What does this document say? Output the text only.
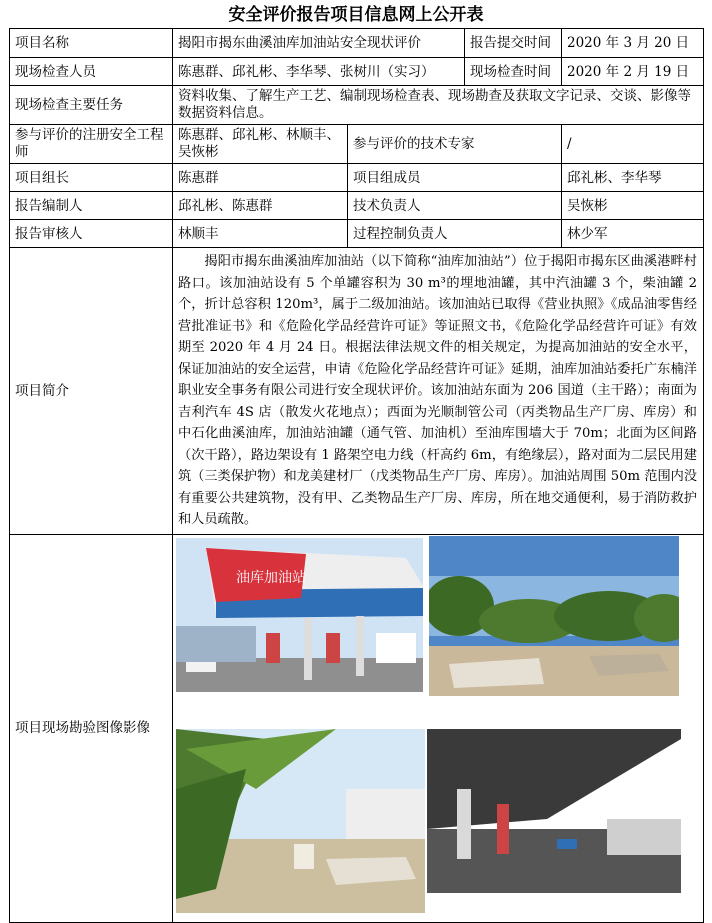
安全评价报告项目信息网上公开表
项目名称	揭阳市揭东曲溪油库加油站安全现状评价		报告提交时间	2020 年 3 月 20 日
现场检查人员	陈惠群、邱礼彬、李华琴、张树川（实习）		现场检查时间	2020 年 2 月 19 日
现场检查主要任务	资料收集、了解生产工艺、编制现场检查表、现场勘查及获取文字记录、交谈、影像等数据资料信息。			
参与评价的注册安全工程师	陈惠群、邱礼彬、林顺丰、吴恢彬	参与评价的技术专家		/
项目组长	陈惠群	项目组成员		邱礼彬、李华琴
报告编制人	邱礼彬、陈惠群	技术负责人		吴恢彬
报告审核人	林顺丰	过程控制负责人		林少军
项目简介	揭阳市揭东曲溪油库加油站（以下简称“油库加油站”）位于揭阳市揭东区曲溪港畔村路口。该加油站设有 5 个单罐容积为 30 m³的埋地油罐，其中汽油罐 3 个，柴油罐 2 个，折计总容积 120m³，属于二级加油站。该加油站已取得《营业执照》《成品油零售经营批准证书》和《危险化学品经营许可证》等证照文书，《危险化学品经营许可证》有效期至 2020 年 4 月 24 日。根据法律法规文件的相关规定，为提高加油站的安全水平，保证加油站的安全运营，申请《危险化学品经营许可证》延期，油库加油站委托广东楠洋职业安全事务有限公司进行安全现状评价。该加油站东面为 206 国道（主干路）；南面为吉利汽车 4S 店（散发火花地点）；西面为光顺制管公司（丙类物品生产厂房、库房）和中石化曲溪油库，加油站油罐（通气管、加油机）至油库围墙大于 70m；北面为区间路（次干路），路边架设有 1 路架空电力线（杆高约 6m，有绝缘层），路对面为二层民用建筑（三类保护物）和龙美建材厂（戊类物品生产厂房、库房）。加油站周围 50m 范围内没有重要公共建筑物，没有甲、乙类物品生产厂房、库房，所在地交通便利，易于消防救护和人员疏散。			
项目现场勘验图像影像	油库加油站			
